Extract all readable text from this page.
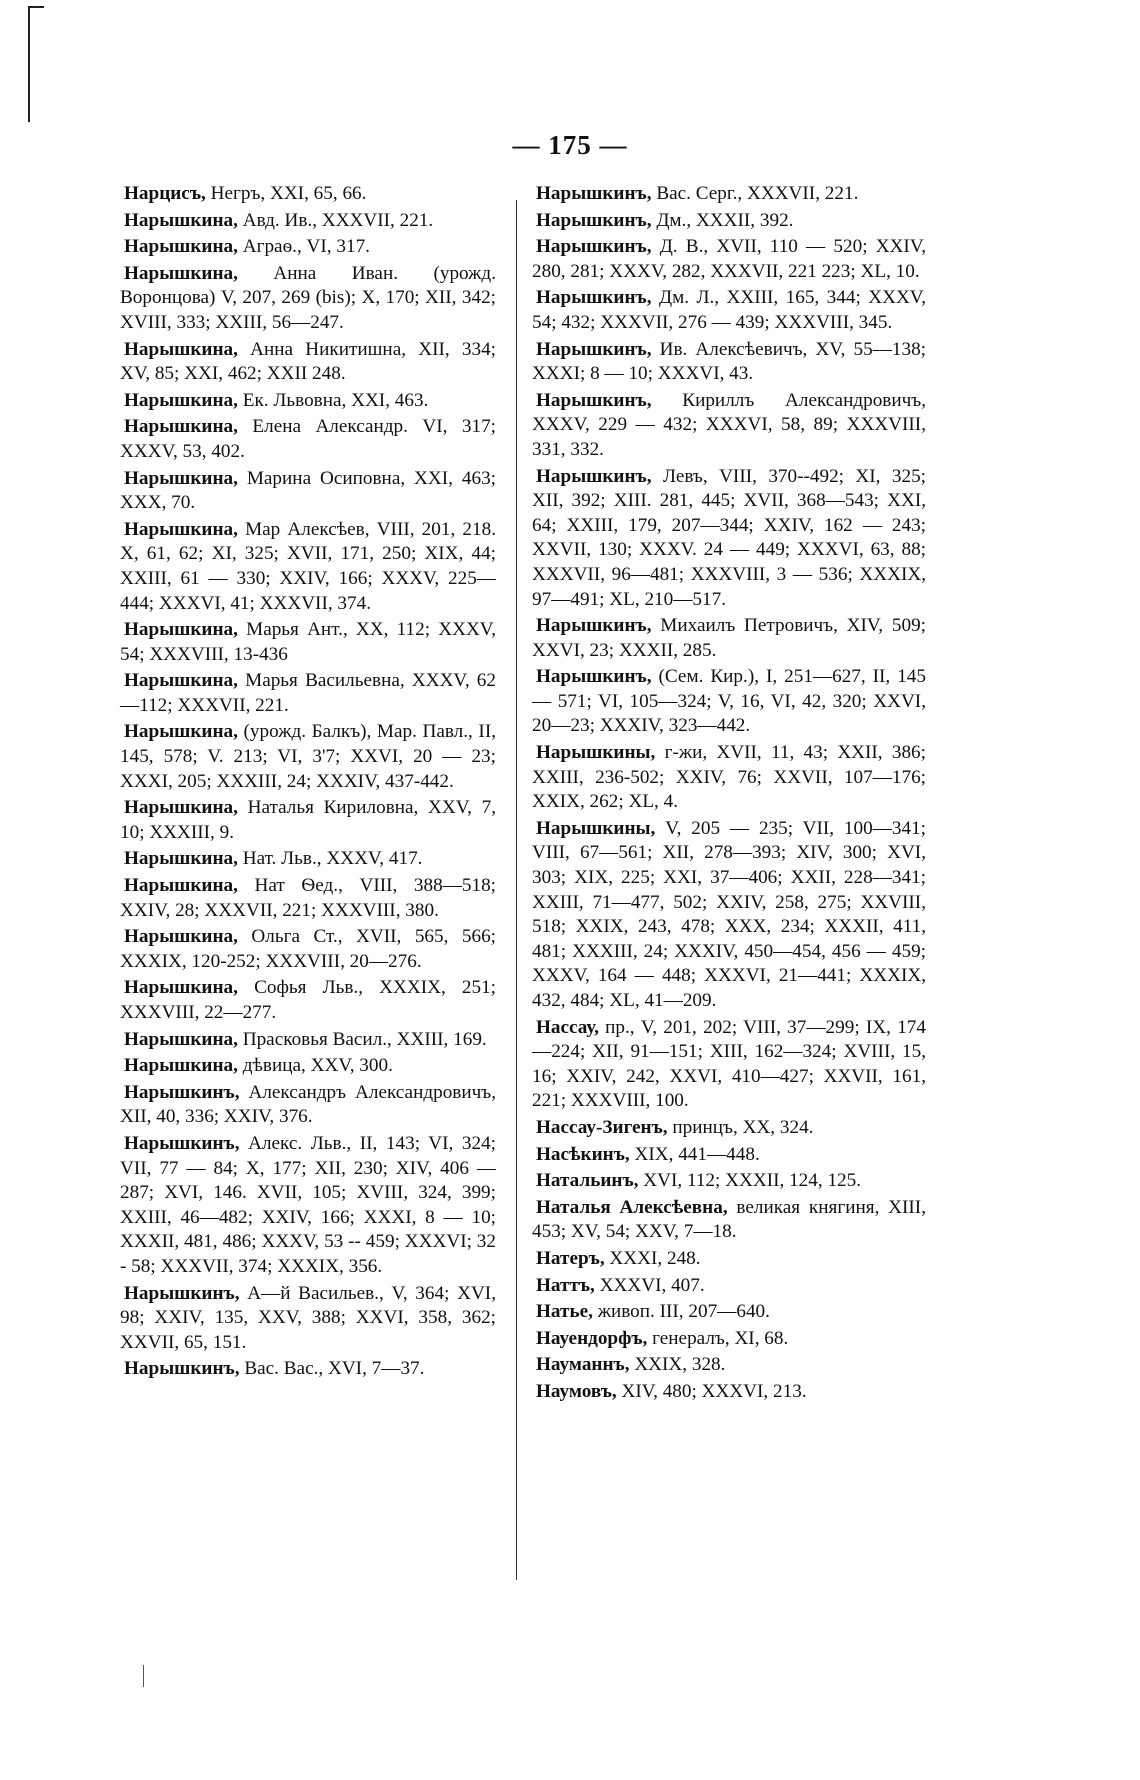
— 175 —
Нарцисъ, Негръ, XXI, 65, 66.
Нарышкина, Авд. Ив., XXXVII, 221.
Нарышкина, Аграѳ., VI, 317.
Нарышкина, Анна Иван. (урожд. Воронцова) V, 207, 269 (bis); X, 170; XII, 342; XVIII, 333; XXIII, 56—247.
Нарышкина, Анна Никитишна, XII, 334; XV, 85; XXI, 462; XXII 248.
Нарышкина, Ек. Львовна, XXI, 463.
Нарышкина, Елена Александр. VI, 317; XXXV, 53, 402.
Нарышкина, Марина Осиповна, XXI, 463; XXX, 70.
Нарышкина, Мар Алексѣев, VIII, 201, 218. X, 61, 62; XI, 325; XVII, 171, 250; XIX, 44; XXIII, 61 — 330; XXIV, 166; XXXV, 225—444; XXXVI, 41; XXXVII, 374.
Нарышкина, Марья Ант., XX, 112; XXXV, 54; XXXVIII, 13-436
Нарышкина, Марья Васильевна, XXXV, 62—112; XXXVII, 221.
Нарышкина, (урожд. Балкъ), Мар. Павл., II, 145, 578; V. 213; VI, 3'7; XXVI, 20 — 23; XXXI, 205; XXXIII, 24; XXXIV, 437-442.
Нарышкина, Наталья Кириловна, XXV, 7, 10; XXXIII, 9.
Нарышкина, Нат. Льв., XXXV, 417.
Нарышкина, Нат Ѳед., VIII, 388—518; XXIV, 28; XXXVII, 221; XXXVIII, 380.
Нарышкина, Ольга Ст., XVII, 565, 566; XXXIX, 120-252; XXXVIII, 20—276.
Нарышкина, Софья Льв., XXXIX, 251; XXXVIII, 22—277.
Нарышкина, Прасковья Васил., XXIII, 169.
Нарышкина, дѣвица, XXV, 300.
Нарышкинъ, Александръ Александровичъ, XII, 40, 336; XXIV, 376.
Нарышкинъ, Алекс. Льв., II, 143; VI, 324; VII, 77 — 84; X, 177; XII, 230; XIV, 406 — 287; XVI, 146. XVII, 105; XVIII, 324, 399; XXIII, 46—482; XXIV, 166; XXXI, 8 — 10; XXXII, 481, 486; XXXV, 53 -- 459; XXXVI; 32 - 58; XXXVII, 374; XXXIX, 356.
Нарышкинъ, А—й Васильев., V, 364; XVI, 98; XXIV, 135, XXV, 388; XXVI, 358, 362; XXVII, 65, 151.
Нарышкинъ, Вас. Вас., XVI, 7—37.
Нарышкинъ, Вас. Серг., XXXVII, 221.
Нарышкинъ, Дм., XXXII, 392.
Нарышкинъ, Д. В., XVII, 110 — 520; XXIV, 280, 281; XXXV, 282, XXXVII, 221 223; XL, 10.
Нарышкинъ, Дм. Л., XXIII, 165, 344; XXXV, 54; 432; XXXVII, 276 — 439; XXXVIII, 345.
Нарышкинъ, Ив. Алексѣевичъ, XV, 55—138; XXXI; 8 — 10; XXXVI, 43.
Нарышкинъ, Кириллъ Александровичъ, XXXV, 229 — 432; XXXVI, 58, 89; XXXVIII, 331, 332.
Нарышкинъ, Левъ, VIII, 370--492; XI, 325; XII, 392; XIII. 281, 445; XVII, 368—543; XXI, 64; XXIII, 179, 207—344; XXIV, 162 — 243; XXVII, 130; XXXV. 24 — 449; XXXVI, 63, 88; XXXVII, 96—481; XXXVIII, 3 — 536; XXXIX, 97—491; XL, 210—517.
Нарышкинъ, Михаилъ Петровичъ, XIV, 509; XXVI, 23; XXXII, 285.
Нарышкинъ, (Сем. Кир.), I, 251—627, II, 145 — 571; VI, 105—324; V, 16, VI, 42, 320; XXVI, 20—23; XXXIV, 323—442.
Нарышкины, г-жи, XVII, 11, 43; XXII, 386; XXIII, 236-502; XXIV, 76; XXVII, 107—176; XXIX, 262; XL, 4.
Нарышкины, V, 205 — 235; VII, 100—341; VIII, 67—561; XII, 278—393; XIV, 300; XVI, 303; XIX, 225; XXI, 37—406; XXII, 228—341; XXIII, 71—477, 502; XXIV, 258, 275; XXVIII, 518; XXIX, 243, 478; XXX, 234; XXXII, 411, 481; XXXIII, 24; XXXIV, 450—454, 456 — 459; XXXV, 164 — 448; XXXVI, 21—441; XXXIX, 432, 484; XL, 41—209.
Нассау, пр., V, 201, 202; VIII, 37—299; IX, 174—224; XII, 91—151; XIII, 162—324; XVIII, 15, 16; XXIV, 242, XXVI, 410—427; XXVII, 161, 221; XXXVIII, 100.
Нассау-Зигенъ, принцъ, XX, 324.
Насѣкинъ, XIX, 441—448.
Натальинъ, XVI, 112; XXXII, 124, 125.
Наталья Алексѣевна, великая княгиня, XIII, 453; XV, 54; XXV, 7—18.
Натеръ, XXXI, 248.
Наттъ, XXXVI, 407.
Натье, живоп. III, 207—640.
Науендорфъ, генералъ, XI, 68.
Науманнъ, XXIX, 328.
Наумовъ, XIV, 480; XXXVI, 213.
